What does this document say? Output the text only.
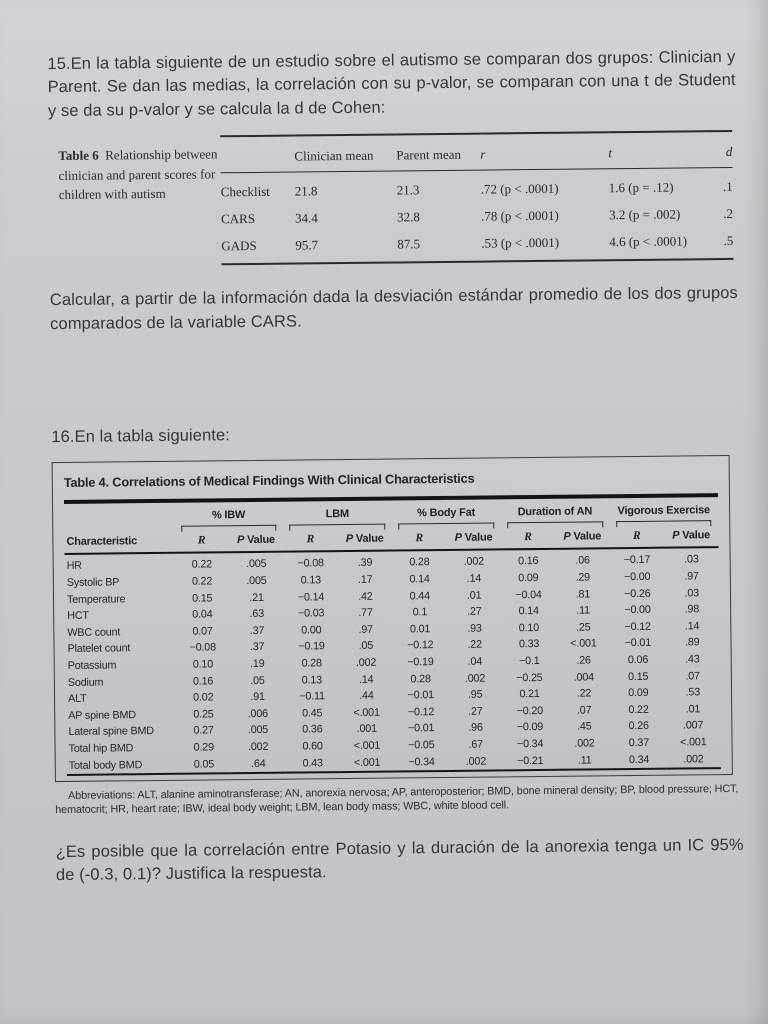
15.En la tabla siguiente de un estudio sobre el autismo se comparan dos grupos: Clinician y Parent. Se dan las medias, la correlación con su p-valor, se comparan con una t de Student y se da su p-valor y se calcula la d de Cohen:

Table 6 Relationship between clinician and parent scores for children with autism
	Clinician mean	Parent mean	r	t	d
Checklist	21.8	21.3	.72 (p < .0001)	1.6 (p = .12)	.1
CARS	34.4	32.8	.78 (p < .0001)	3.2 (p = .002)	.2
GADS	95.7	87.5	.53 (p < .0001)	4.6 (p < .0001)	.5

Calcular, a partir de la información dada la desviación estándar promedio de los dos grupos comparados de la variable CARS.

16.En la tabla siguiente:

Table 4. Correlations of Medical Findings With Clinical Characteristics
	% IBW		LBM		% Body Fat		Duration of AN		Vigorous Exercise	

Characteristic	R	P Value	R	P Value	R	P Value	R	P Value	R	P Value
HR	0.22	.005	−0.08	.39	0.28	.002	0.16	.06	−0.17	.03
Systolic BP	0.22	.005	0.13	.17	0.14	.14	0.09	.29	−0.00	.97
Temperature	0.15	.21	−0.14	.42	0.44	.01	−0.04	.81	−0.26	.03
HCT	0.04	.63	−0.03	.77	0.1	.27	0.14	.11	−0.00	.98
WBC count	0.07	.37	0.00	.97	0.01	.93	0.10	.25	−0.12	.14
Platelet count	−0.08	.37	−0.19	.05	−0.12	.22	0.33	<.001	−0.01	.89
Potassium	0.10	.19	0.28	.002	−0.19	.04	−0.1	.26	0.06	.43
Sodium	0.16	.05	0.13	.14	0.28	.002	−0.25	.004	0.15	.07
ALT	0.02	.91	−0.11	.44	−0.01	.95	0.21	.22	0.09	.53
AP spine BMD	0.25	.006	0.45	<.001	−0.12	.27	−0.20	.07	0.22	.01
Lateral spine BMD	0.27	.005	0.36	.001	−0.01	.96	−0.09	.45	0.26	.007
Total hip BMD	0.29	.002	0.60	<.001	−0.05	.67	−0.34	.002	0.37	<.001
Total body BMD	0.05	.64	0.43	<.001	−0.34	.002	−0.21	.11	0.34	.002

Abbreviations: ALT, alanine aminotransferase; AN, anorexia nervosa; AP, anteroposterior; BMD, bone mineral density; BP, blood pressure; HCT, hematocrit; HR, heart rate; IBW, ideal body weight; LBM, lean body mass; WBC, white blood cell.

¿Es posible que la correlación entre Potasio y la duración de la anorexia tenga un IC 95% de (-0.3, 0.1)? Justifica la respuesta.
